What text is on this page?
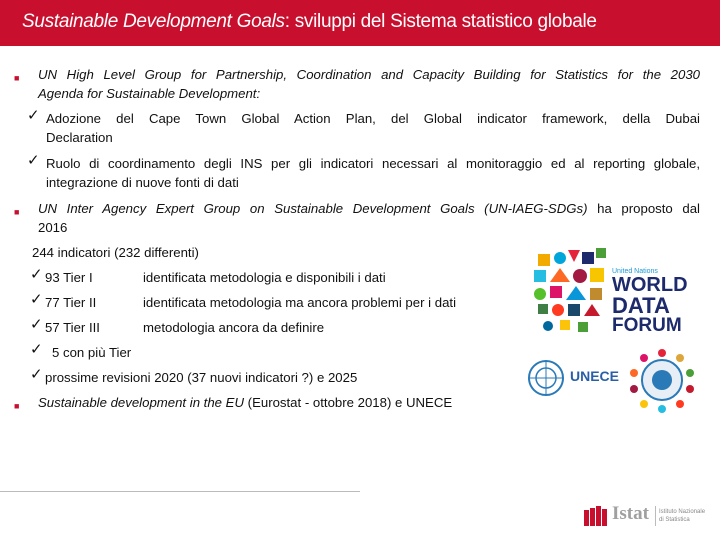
Sustainable Development Goals: sviluppi del Sistema statistico globale
■ UN High Level Group for Partnership, Coordination and Capacity Building for Statistics for the 2030
Agenda for Sustainable Development:
✓ Adozione del Cape Town Global Action Plan, del Global indicator framework, della Dubai
Declaration
✓ Ruolo di coordinamento degli INS per gli indicatori necessari al monitoraggio ed al reporting globale,
integrazione di nuove fonti di dati
■ UN Inter Agency Expert Group on Sustainable Development Goals (UN-IAEG-SDGs) ha proposto dal
2016
244 indicatori (232 differenti)
✓ 93 Tier I	identificata metodologia e disponibili i dati
✓ 77 Tier II	identificata metodologia ma ancora problemi per i dati
✓ 57 Tier III	metodologia ancora da definire
✓ 5 con più Tier
✓ prossime revisioni 2020 (37 nuovi indicatori ?) e 2025
■ Sustainable development in the EU (Eurostat - ottobre 2018) e UNECE
United Nations
WORLD
DATA
FORUM
UNECE
Istat Istituto Nazionale
di Statistica
